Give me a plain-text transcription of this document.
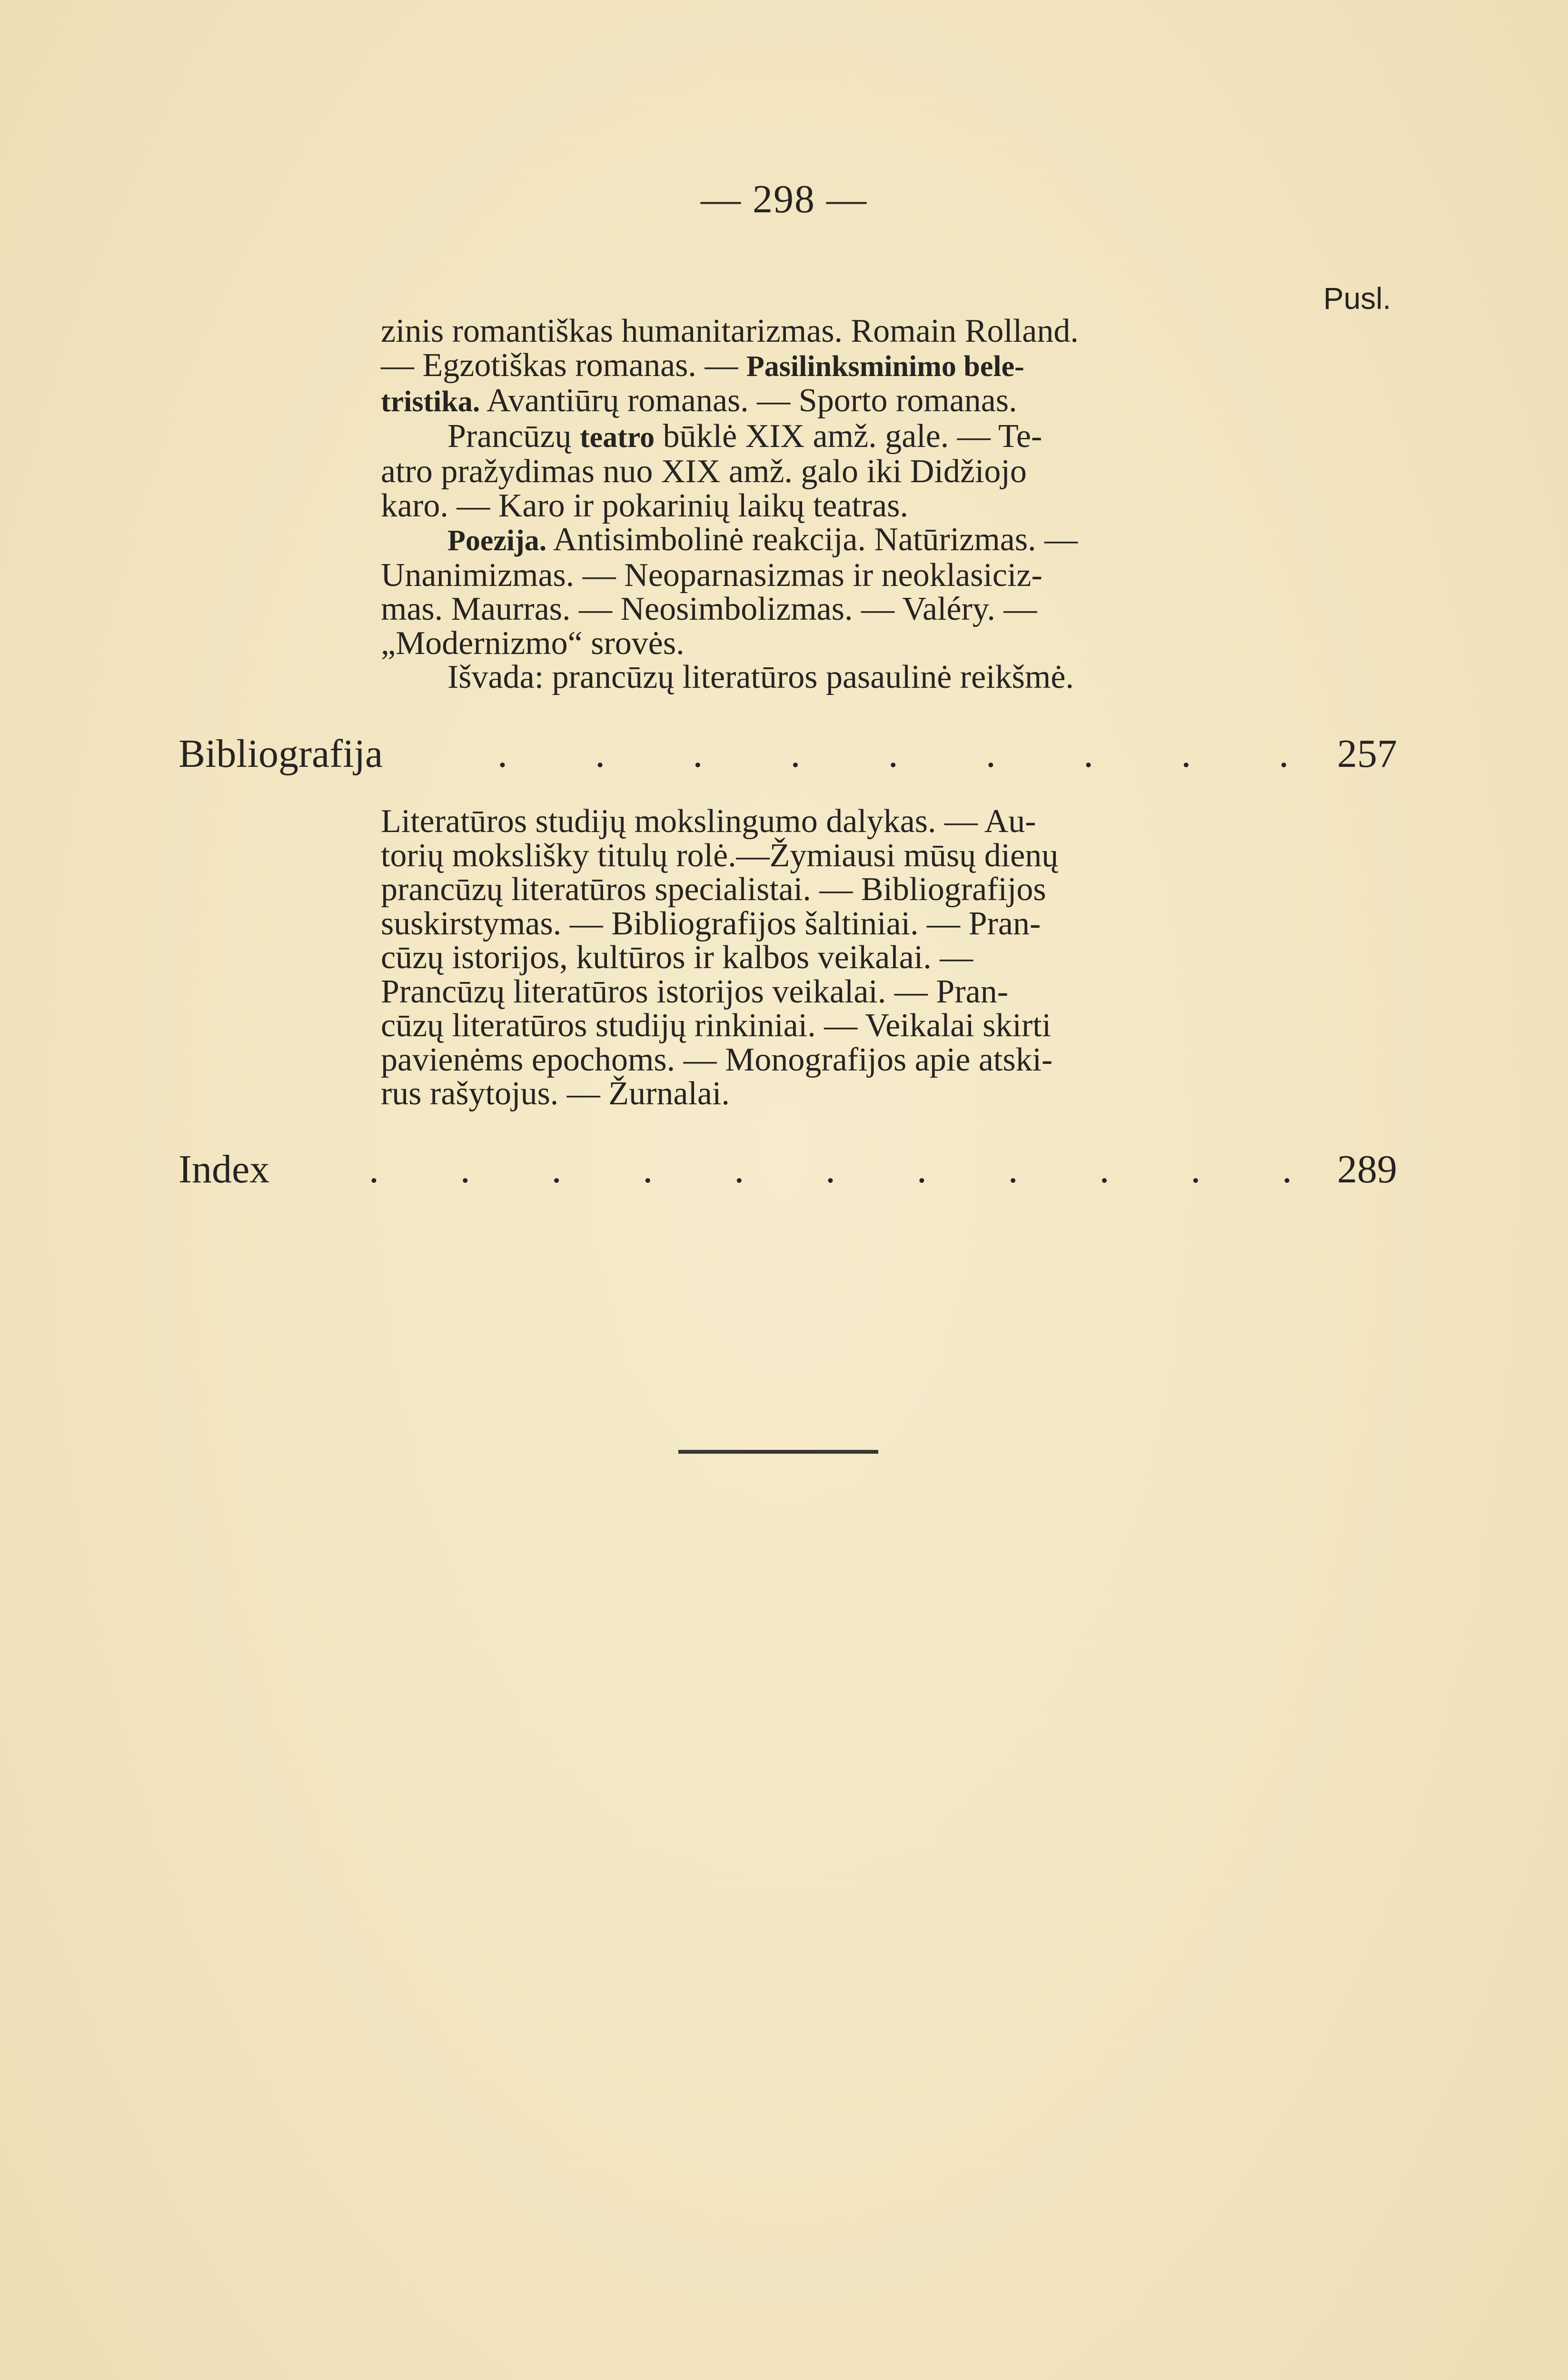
— 298 —
Pusl.
zinis romantiškas humanitarizmas. Romain Rolland.
— Egzotiškas romanas. — Pasilinksminimo bele-
tristika. Avantiūrų romanas. — Sporto romanas.
Prancūzų teatro būklė XIX amž. gale. — Te-
atro pražydimas nuo XIX amž. galo iki Didžiojo
karo. — Karo ir pokarinių laikų teatras.
Poezija. Antisimbolinė reakcija. Natūrizmas. —
Unanimizmas. — Neoparnasizmas ir neoklasiciz-
mas. Maurras. — Neosimbolizmas. — Valéry. —
„Modernizmo“ srovės.
Išvada: prancūzų literatūros pasaulinė reikšmė.
Bibliografija	. . . . . . . . . 257
Literatūros studijų mokslingumo dalykas. — Au-
torių mokslišky titulų rolė.—Žymiausi mūsų dienų
prancūzų literatūros specialistai. — Bibliografijos
suskirstymas. — Bibliografijos šaltiniai. — Pran-
cūzų istorijos, kultūros ir kalbos veikalai. —
Prancūzų literatūros istorijos veikalai. — Pran-
cūzų literatūros studijų rinkiniai. — Veikalai skirti
pavienėms epochoms. — Monografijos apie atski-
rus rašytojus. — Žurnalai.
Index . . . . . . . . . . . 289
